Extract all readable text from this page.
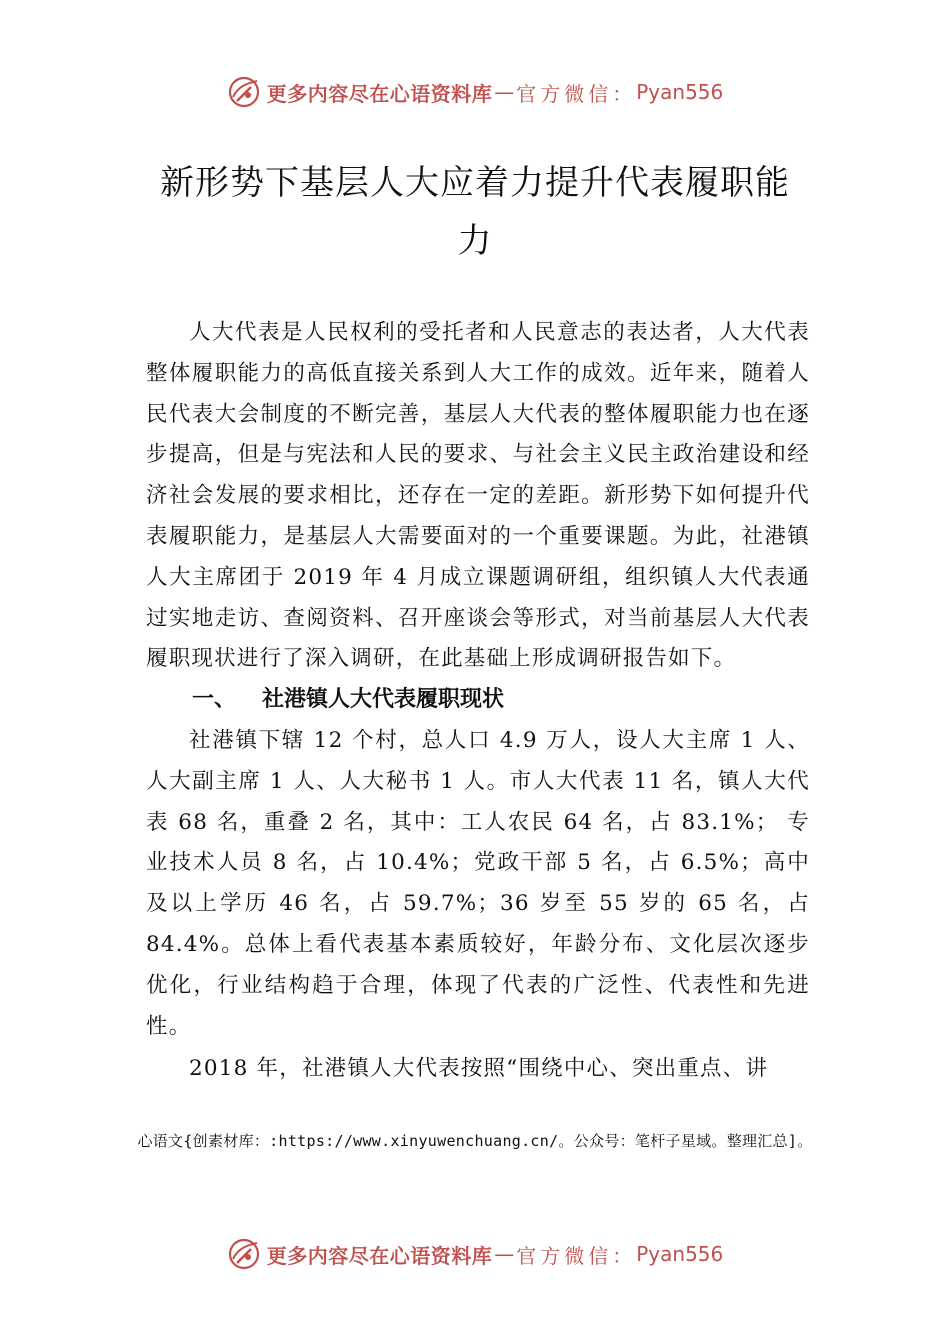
更多内容尽在心语资料库 — 官方微信： Pyan556
新形势下基层人大应着力提升代表履职能力

人大代表是人民权利的受托者和人民意志的表达者，人大代表整体履职能力的高低直接关系到人大工作的成效。近年来，随着人民代表大会制度的不断完善，基层人大代表的整体履职能力也在逐步提高，但是与宪法和人民的要求、与社会主义民主政治建设和经济社会发展的要求相比，还存在一定的差距。新形势下如何提升代表履职能力，是基层人大需要面对的一个重要课题。为此，社港镇人大主席团于 2019 年 4 月成立课题调研组，组织镇人大代表通过实地走访、查阅资料、召开座谈会等形式，对当前基层人大代表履职现状进行了深入调研，在此基础上形成调研报告如下。

一、 社港镇人大代表履职现状

社港镇下辖 12 个村，总人口 4.9 万人，设人大主席 1 人、人大副主席 1 人、人大秘书 1 人。市人大代表 11 名，镇人大代表 68 名，重叠 2 名，其中：工人农民 64 名，占 83.1%； 专业技术人员 8 名，占 10.4%；党政干部 5 名，占 6.5%；高中及以上学历 46 名，占 59.7%；36 岁至 55 岁的 65 名，占 84.4%。总体上看代表基本素质较好，年龄分布、文化层次逐步优化，行业结构趋于合理，体现了代表的广泛性、代表性和先进性。

2018 年，社港镇人大代表按照“围绕中心、突出重点、讲

心语文{创素材库：:https://www.xinyuwenchuang.cn/。公众号：笔杆子星域。整理汇总]。
更多内容尽在心语资料库 — 官方微信： Pyan556
